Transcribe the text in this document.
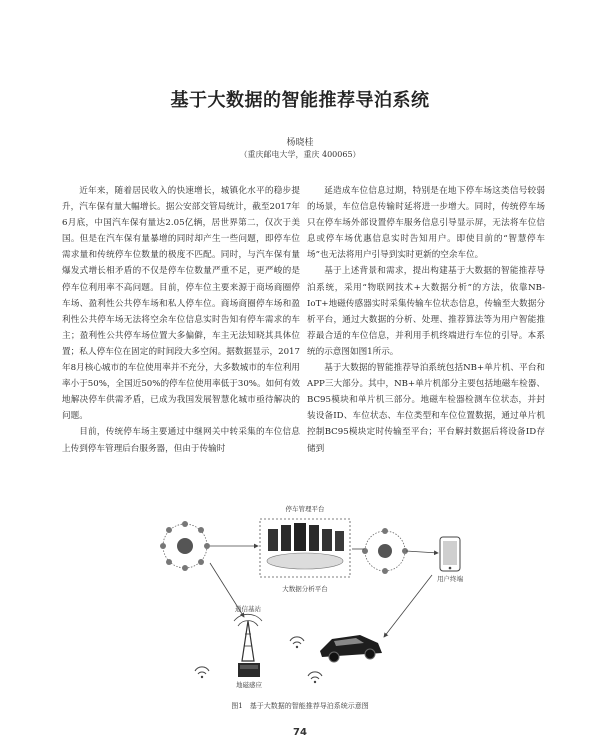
基于大数据的智能推荐导泊系统
杨晓桂
（重庆邮电大学，重庆 400065）

近年来，随着居民收入的快速增长，城镇化水平的稳步提升，汽车保有量大幅增长。据公安部交管局统计，截至2017年6月底，中国汽车保有量达2.05亿辆，居世界第二，仅次于美国。但是在汽车保有量暴增的同时却产生一些问题，即停车位需求量和传统停车位数量的极度不匹配。同时，与汽车保有量爆发式增长相矛盾的不仅是停车位数量严重不足，更严峻的是停车位利用率不高问题。目前，停车位主要来源于商场商圈停车场、盈利性公共停车场和私人停车位。商场商圈停车场和盈利性公共停车场无法将空余车位信息实时告知有停车需求的车主；盈利性公共停车场位置大多偏僻，车主无法知晓其具体位置；私人停车位在固定的时间段大多空闲。据数据显示，2017年8月核心城市的车位使用率并不充分，大多数城市的车位利用率小于50%，全国近50%的停车位使用率低于30%。如何有效地解决停车供需矛盾，已成为我国发展智慧化城市亟待解决的问题。

目前，传统停车场主要通过中继网关中转采集的车位信息上传到停车管理后台服务器，但由于传输时

延造成车位信息过期，特别是在地下停车场这类信号较弱的场景，车位信息传输时延将进一步增大。同时，传统停车场只在停车场外部设置停车服务信息引导显示屏，无法将车位信息或停车场优惠信息实时告知用户。即使目前的“智慧停车场”也无法将用户引导到实时更新的空余车位。

基于上述背景和需求，提出构建基于大数据的智能推荐导泊系统，采用“物联网技术+大数据分析”的方法，依靠NB-IoT+地磁传感器实时采集传输车位状态信息，传输至大数据分析平台，通过大数据的分析、处理、推荐算法等为用户智能推荐最合适的车位信息，并利用手机终端进行车位的引导。本系统的示意图如图1所示。

基于大数据的智能推荐导泊系统包括NB+单片机、平台和APP三大部分。其中，NB+单片机部分主要包括地磁车检器、BC95模块和单片机三部分。地磁车检器检测车位状态，并封装设备ID、车位状态、车位类型和车位位置数据，通过单片机控制BC95模块定时传输至平台；平台解封数据后将设备ID存储到

停车管理平台
大数据分析平台
用户终端
通信基站
地磁感应
图1　基于大数据的智能推荐导泊系统示意图
74
